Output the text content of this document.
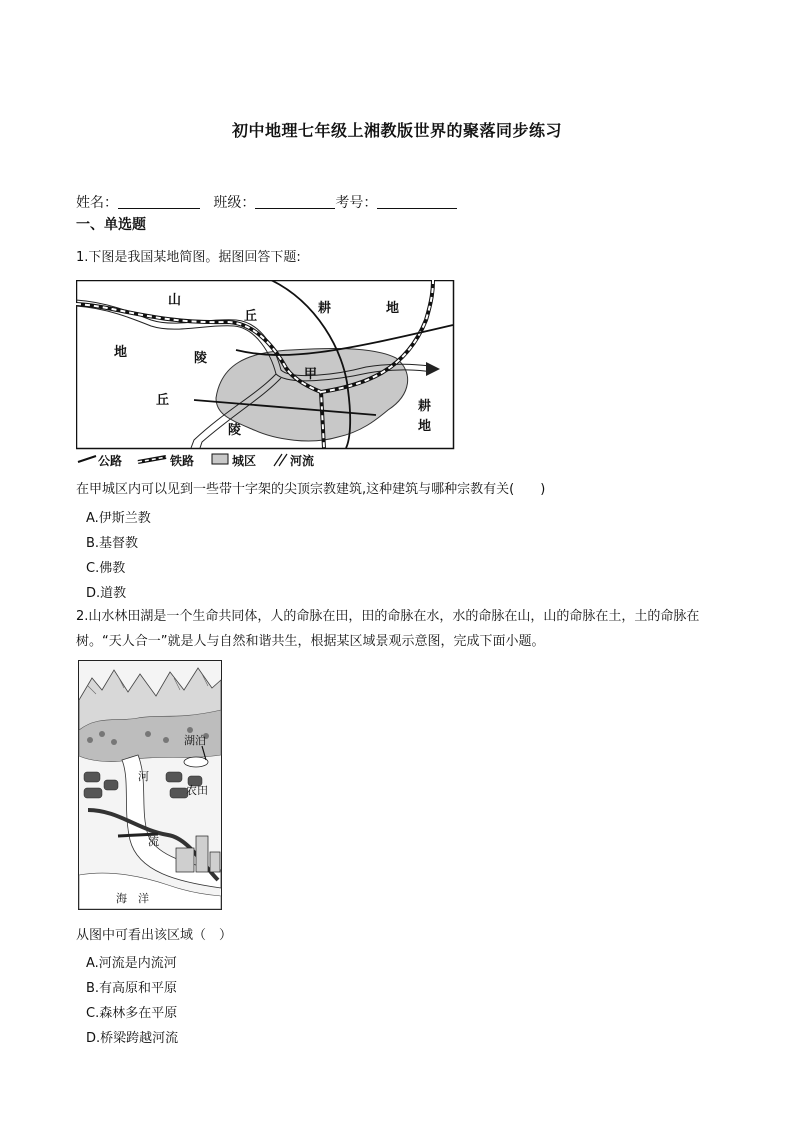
初中地理七年级上湘教版世界的聚落同步练习
姓名：	班级：	考号：
一、单选题
1.下图是我国某地简图。据图回答下题:
山
丘
耕	地
地	陵
甲
丘
陵
耕
地
公路	铁路	城区	河流
在甲城区内可以见到一些带十字架的尖顶宗教建筑,这种建筑与哪种宗教有关(　　)
A.伊斯兰教
B.基督教
C.佛教
D.道教
2.山水林田湖是一个生命共同体，人的命脉在田，田的命脉在水，水的命脉在山，山的命脉在土，土的命脉在树。“天人合一”就是人与自然和谐共生，根据某区域景观示意图，完成下面小题。
湖泊
河
流
农田
海　洋
从图中可看出该区域（　）
A.河流是内流河
B.有高原和平原
C.森林多在平原
D.桥梁跨越河流
